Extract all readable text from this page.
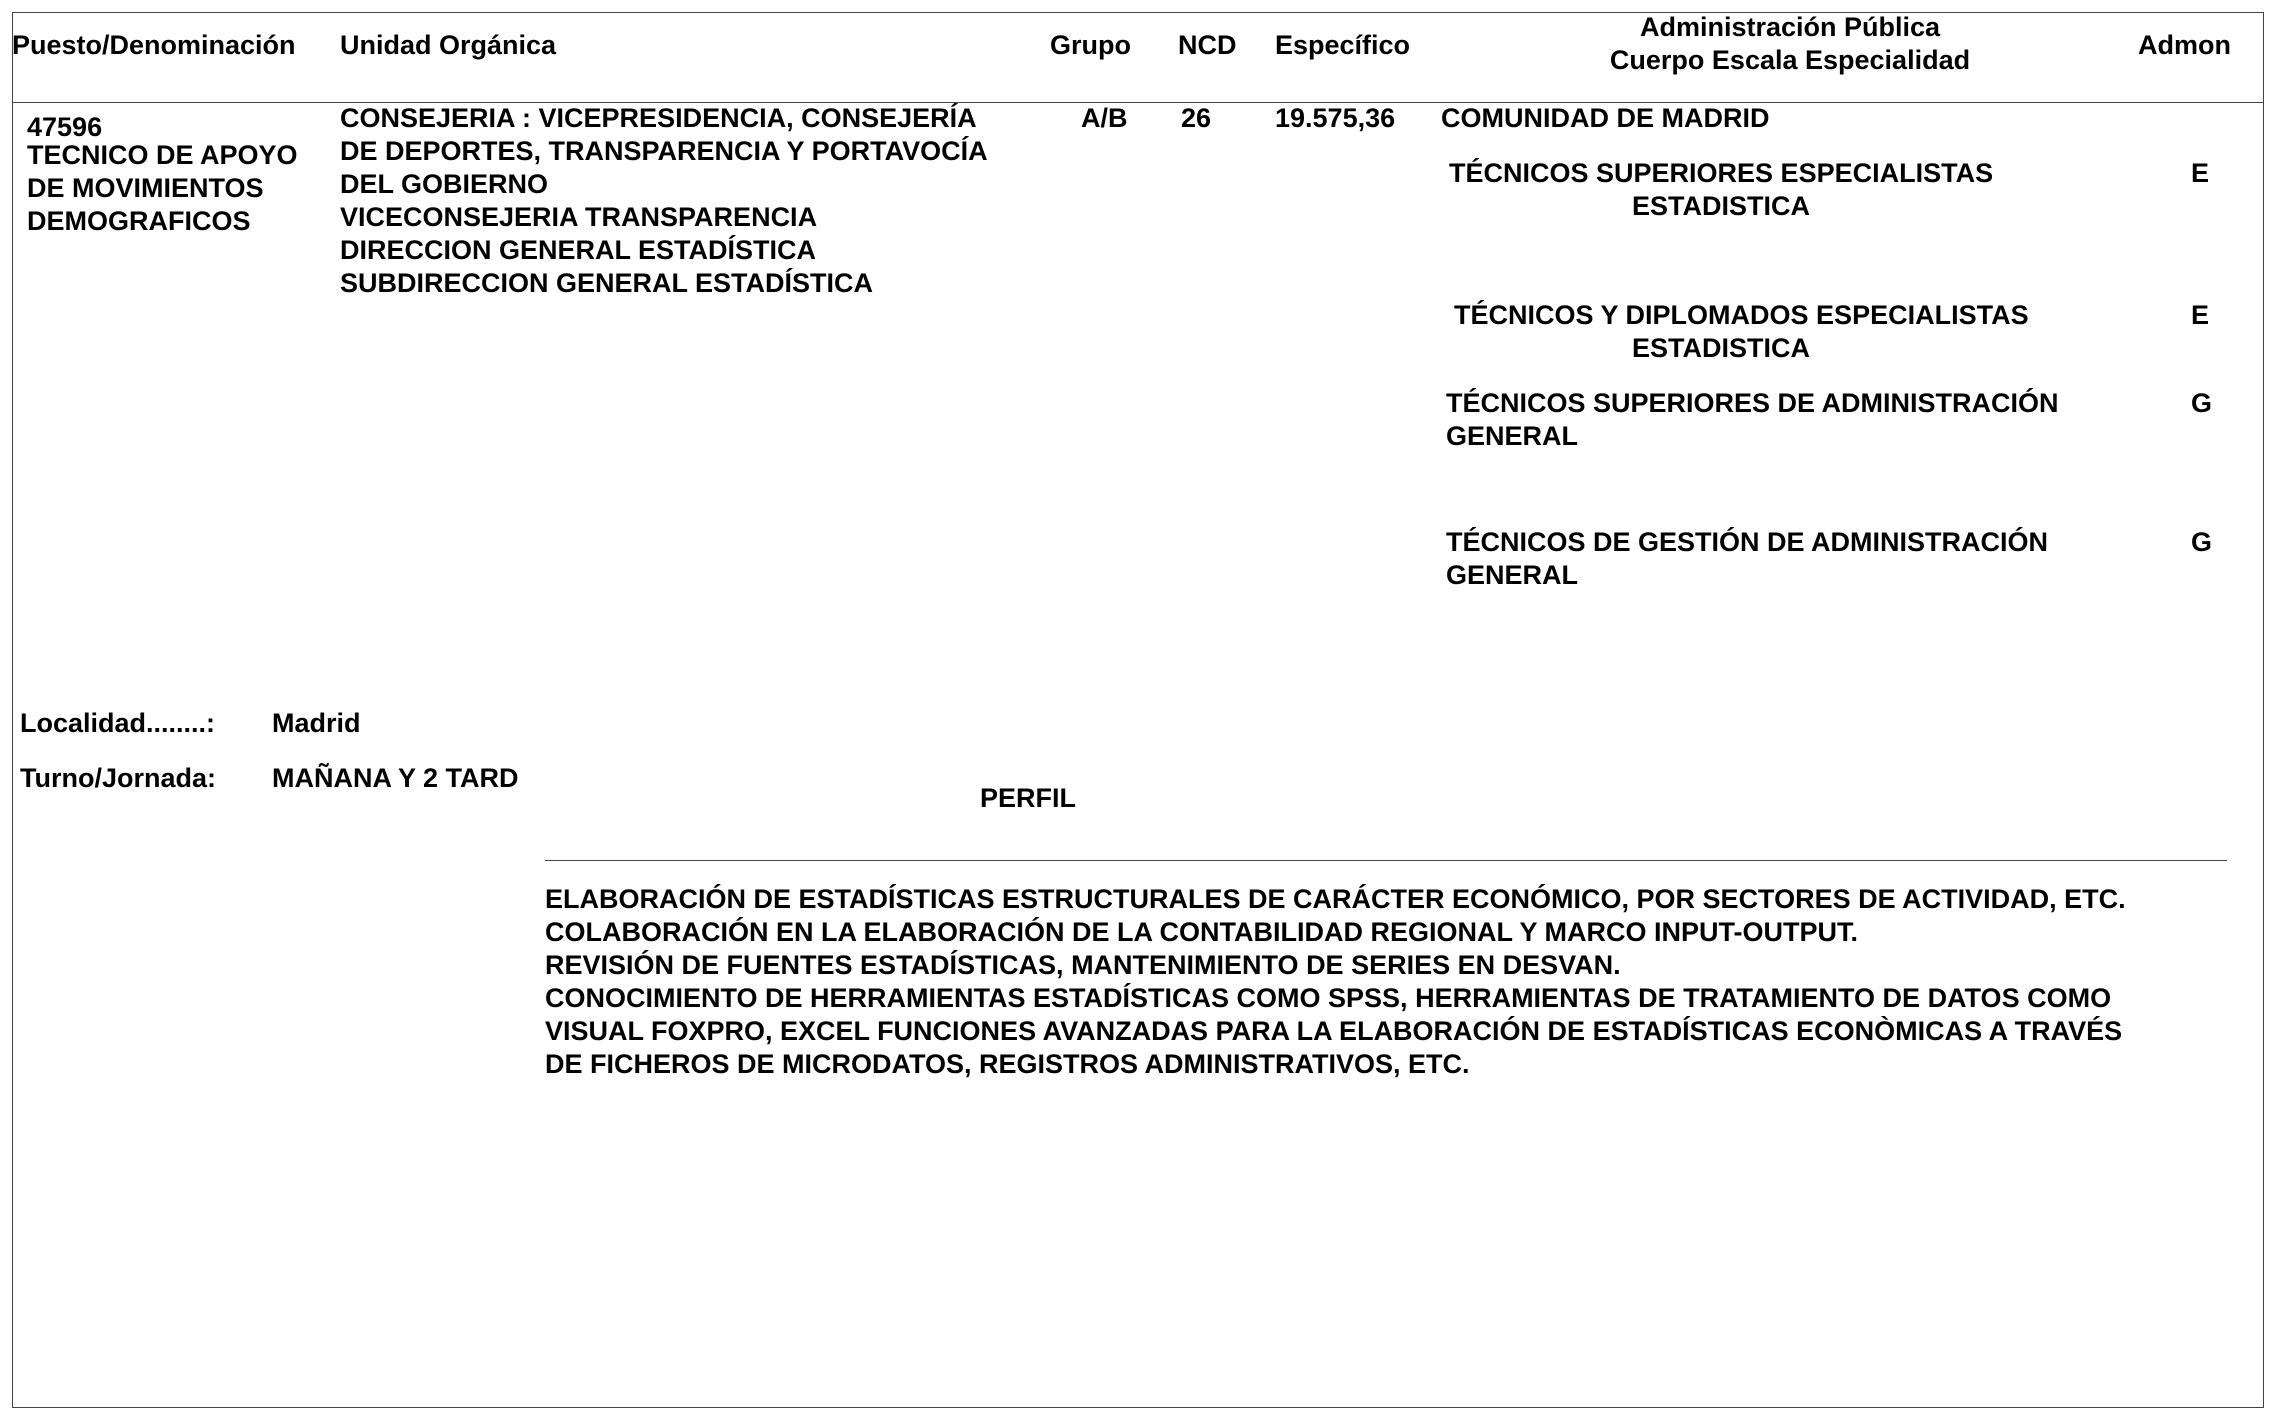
Puesto/Denominación Unidad Orgánica	Grupo NCD Específico
Administración Pública
Cuerpo Escala Especialidad	Admon
47596
TECNICO DE APOYO
DE MOVIMIENTOS
DEMOGRAFICOS
CONSEJERIA : VICEPRESIDENCIA, CONSEJERÍA
DE DEPORTES, TRANSPARENCIA Y PORTAVOCÍA
DEL GOBIERNO
VICECONSEJERIA TRANSPARENCIA
DIRECCION GENERAL ESTADÍSTICA
SUBDIRECCION GENERAL ESTADÍSTICA
A/B 26 19.575,36 COMUNIDAD DE MADRID
TÉCNICOS SUPERIORES ESPECIALISTAS
ESTADISTICA
E
TÉCNICOS Y DIPLOMADOS ESPECIALISTAS
ESTADISTICA
E
TÉCNICOS SUPERIORES DE ADMINISTRACIÓN
GENERAL
G
TÉCNICOS DE GESTIÓN DE ADMINISTRACIÓN
GENERAL
G
Localidad........: Madrid
Turno/Jornada: MAÑANA Y 2 TARD
PERFIL
ELABORACIÓN DE ESTADÍSTICAS ESTRUCTURALES DE CARÁCTER ECONÓMICO, POR SECTORES DE ACTIVIDAD, ETC.
COLABORACIÓN EN LA ELABORACIÓN DE LA CONTABILIDAD REGIONAL Y MARCO INPUT-OUTPUT.
REVISIÓN DE FUENTES ESTADÍSTICAS, MANTENIMIENTO DE SERIES EN DESVAN.
CONOCIMIENTO DE HERRAMIENTAS ESTADÍSTICAS COMO SPSS, HERRAMIENTAS DE TRATAMIENTO DE DATOS COMO
VISUAL FOXPRO, EXCEL FUNCIONES AVANZADAS PARA LA ELABORACIÓN DE ESTADÍSTICAS ECONÒMICAS A TRAVÉS
DE FICHEROS DE MICRODATOS, REGISTROS ADMINISTRATIVOS, ETC.
